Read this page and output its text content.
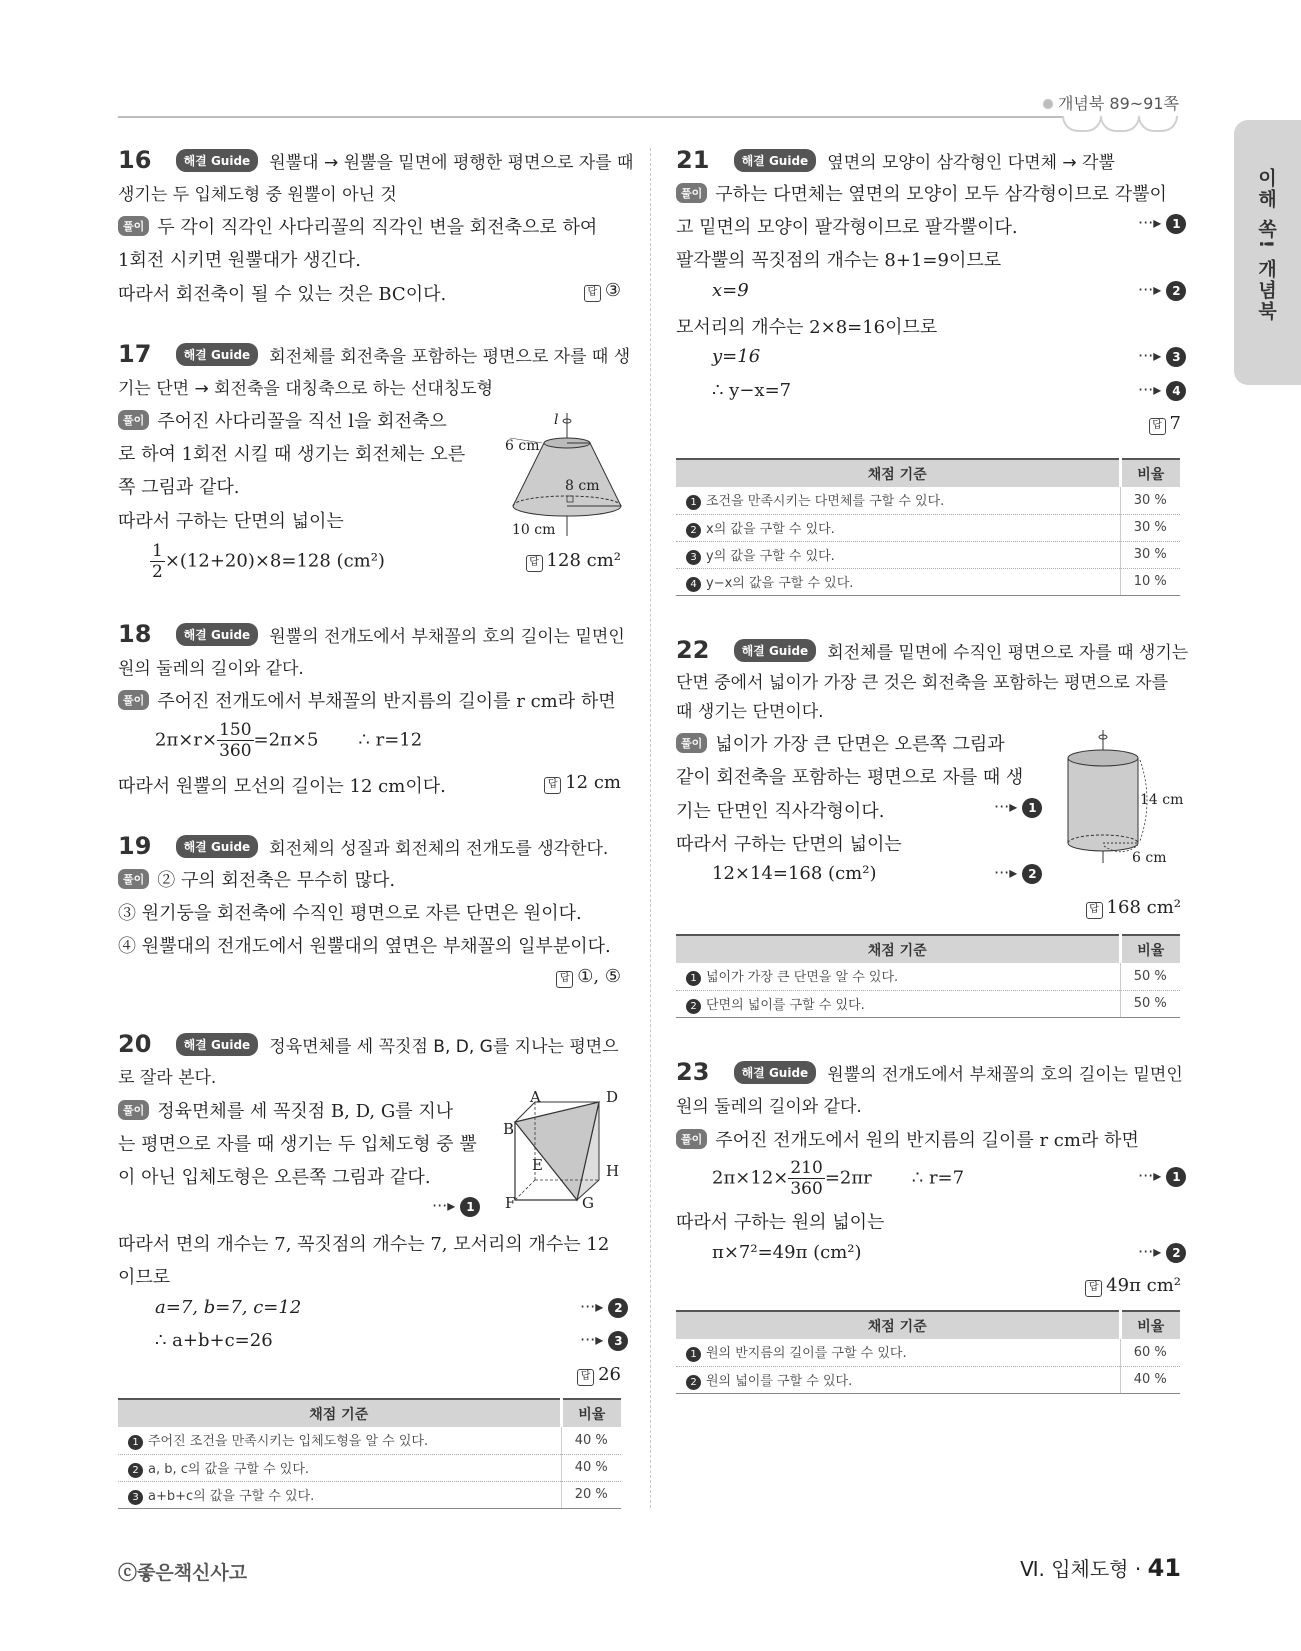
개념북 89~91쪽
이해 쏙! 개념북
16	해결 Guide 원뿔대 → 원뿔을 밑면에 평행한 평면으로 자를 때
생기는 두 입체도형 중 원뿔이 아닌 것
풀이 두 각이 직각인 사다리꼴의 직각인 변을 회전축으로 하여
1회전 시키면 원뿔대가 생긴다.
따라서 회전축이 될 수 있는 것은 BC이다.	답 ③
17	해결 Guide 회전체를 회전축을 포함하는 평면으로 자를 때 생
기는 단면 → 회전축을 대칭축으로 하는 선대칭도형
풀이 주어진 사다리꼴을 직선 l을 회전축으
로 하여 1회전 시킬 때 생기는 회전체는 오른
쪽 그림과 같다.
따라서 구하는 단면의 넓이는
$\frac{1}{2} \times(12+20)\times 8=128$ (cm²)	답 128 cm²
l
6 cm
8 cm
10 cm
18	해결 Guide 원뿔의 전개도에서 부채꼴의 호의 길이는 밑면인
원의 둘레의 길이와 같다.
풀이 주어진 전개도에서 부채꼴의 반지름의 길이를 r cm라 하면
$2\pi\times r\times \frac{150}{360} =2\pi\times 5$ ∴ r=12
따라서 원뿔의 모선의 길이는 12 cm이다.	답 12 cm
19	해결 Guide 회전체의 성질과 회전체의 전개도를 생각한다.
풀이 ② 구의 회전축은 무수히 많다.
③ 원기둥을 회전축에 수직인 평면으로 자른 단면은 원이다.
④ 원뿔대의 전개도에서 원뿔대의 옆면은 부채꼴의 일부분이다.
답 ①, ⑤
20	해결 Guide 정육면체를 세 꼭짓점 B, D, G를 지나는 평면으
로 잘라 본다.
풀이 정육면체를 세 꼭짓점 B, D, G를 지나
는 평면으로 자를 때 생기는 두 입체도형 중 뿔
이 아닌 입체도형은 오른쪽 그림과 같다.
···▸ 1
따라서 면의 개수는 7, 꼭짓점의 개수는 7, 모서리의 개수는 12
이므로
a=7, b=7, c=12	···▸ 2
∴ a+b+c=26	···▸ 3
답 26
A	D
B
E	H
F	G
채점 기준	비율
1 주어진 조건을 만족시키는 입체도형을 알 수 있다.	40 %
2 a, b, c의 값을 구할 수 있다.	40 %
3 a+b+c의 값을 구할 수 있다.	20 %
21	해결 Guide 옆면의 모양이 삼각형인 다면체 → 각뿔
풀이 구하는 다면체는 옆면의 모양이 모두 삼각형이므로 각뿔이
고 밑면의 모양이 팔각형이므로 팔각뿔이다.	···▸ 1
팔각뿔의 꼭짓점의 개수는 8+1=9이므로
x=9	···▸ 2
모서리의 개수는 2×8=16이므로
y=16	···▸ 3
∴ y−x=7	···▸ 4
답 7
채점 기준	비율
1 조건을 만족시키는 다면체를 구할 수 있다.	30 %
2 x의 값을 구할 수 있다.	30 %
3 y의 값을 구할 수 있다.	30 %
4 y−x의 값을 구할 수 있다.	10 %
22	해결 Guide 회전체를 밑면에 수직인 평면으로 자를 때 생기는
단면 중에서 넓이가 가장 큰 것은 회전축을 포함하는 평면으로 자를
때 생기는 단면이다.
풀이 넓이가 가장 큰 단면은 오른쪽 그림과
같이 회전축을 포함하는 평면으로 자를 때 생
기는 단면인 직사각형이다.	···▸ 1
따라서 구하는 단면의 넓이는
12×14=168 (cm²)	···▸ 2
답 168 cm²
14 cm
6 cm
채점 기준	비율
1 넓이가 가장 큰 단면을 알 수 있다.	50 %
2 단면의 넓이를 구할 수 있다.	50 %
23	해결 Guide 원뿔의 전개도에서 부채꼴의 호의 길이는 밑면인
원의 둘레의 길이와 같다.
풀이 주어진 전개도에서 원의 반지름의 길이를 r cm라 하면
$2\pi\times 12\times \frac{210}{360} =2\pi r$ ∴ r=7	···▸ 1
따라서 구하는 원의 넓이는
π×7²=49π (cm²)	···▸ 2
답 49π cm²
채점 기준	비율
1 원의 반지름의 길이를 구할 수 있다.	60 %
2 원의 넓이를 구할 수 있다.	40 %
ⓒ좋은책신사고	Ⅵ. 입체도형 · 41
